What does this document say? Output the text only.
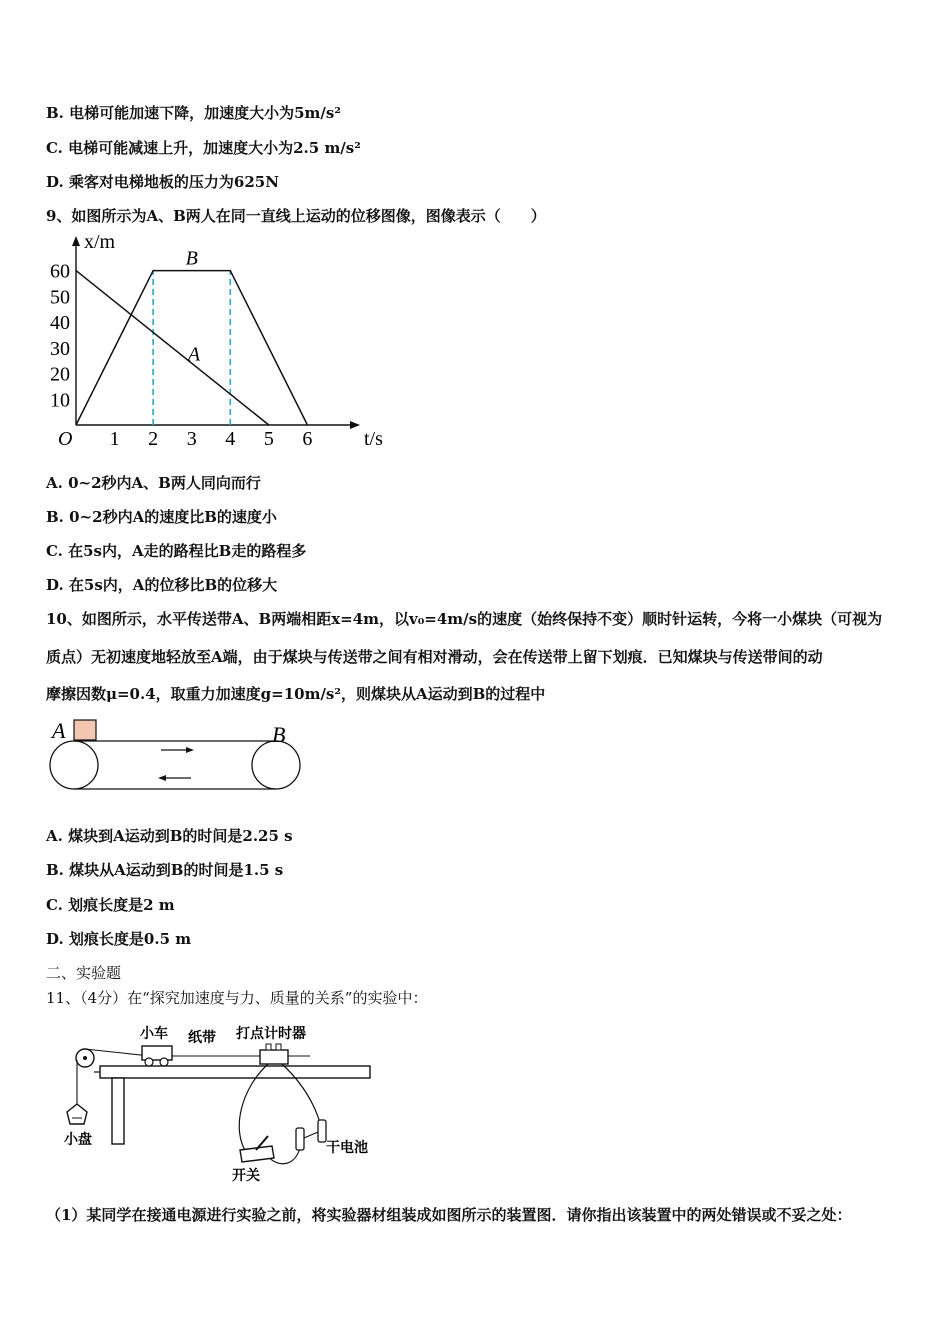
B. 电梯可能加速下降，加速度大小为5m/s²
C. 电梯可能减速上升，加速度大小为2.5 m/s²
D. 乘客对电梯地板的压力为625N
9、如图所示为A、B两人在同一直线上运动的位移图像，图像表示（　　）
t/s
x/m
O 1 2 3 4 5 6
10
20
30
40
50
60
B
A
A. 0~2秒内A、B两人同向而行
B. 0~2秒内A的速度比B的速度小
C. 在5s内，A走的路程比B走的路程多
D. 在5s内，A的位移比B的位移大
10、如图所示，水平传送带A、B两端相距x=4m，以v₀=4m/s的速度（始终保持不变）顺时针运转，今将一小煤块（可视为
质点）无初速度地轻放至A端，由于煤块与传送带之间有相对滑动，会在传送带上留下划痕．已知煤块与传送带间的动
摩擦因数μ=0.4，取重力加速度g=10m/s²，则煤块从A运动到B的过程中
A	B
A. 煤块到A运动到B的时间是2.25 s
B. 煤块从A运动到B的时间是1.5 s
C. 划痕长度是2 m
D. 划痕长度是0.5 m
二、实验题
11、（4分）在“探究加速度与力、质量的关系”的实验中：
小车 纸带 打点计时器
小盘
开关
干电池
（1）某同学在接通电源进行实验之前，将实验器材组装成如图所示的装置图．请你指出该装置中的两处错误或不妥之处：
